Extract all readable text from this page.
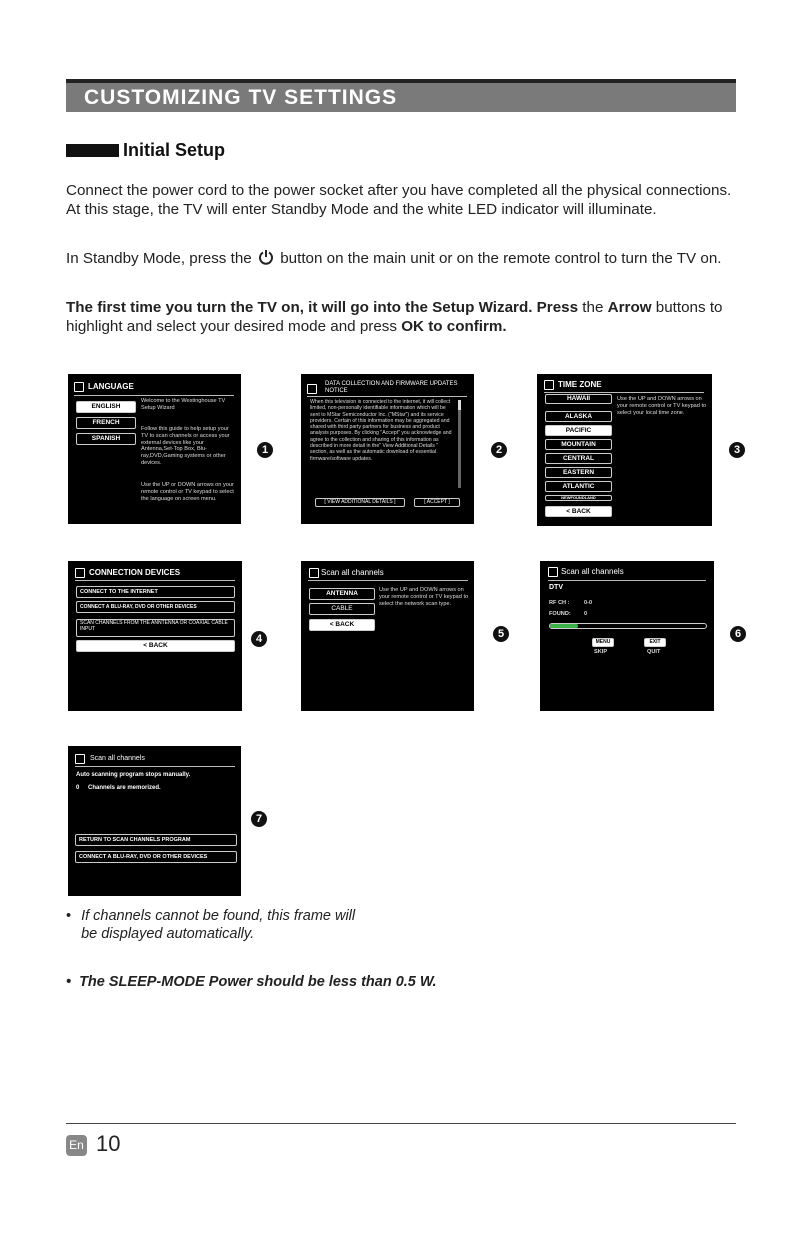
CUSTOMIZING TV SETTINGS
Initial Setup
Connect the power cord to the power socket after you have completed all the physical connections. At this stage, the TV will enter Standby Mode and the white LED indicator will illuminate.
In Standby Mode, press the button on the main unit or on the remote control to turn the TV on.
The first time you turn the TV on, it will go into the Setup Wizard. Press the Arrow buttons to highlight and select your desired mode and press OK to confirm.
LANGUAGE
ENGLISH
FRENCH
SPANISH
Welcome to the Westinghouse TV Setup Wizard
Follow this guide to help setup your TV to scan channels or access your external devices like your Antenna,Set-Top Box, Blu-ray,DVD,Gaming systems or other devices.
Use the UP or DOWN arrows on your remote control or TV keypad to select the language on screen menu.
1
DATA COLLECTION AND FIRMWARE UPDATES NOTICE
When this television is connected to the internet, it will collect limited, non-personally identifiable information which will be sent to MStar Semiconductor Inc. ("MStar") and its service providers. Certain of this information may be aggregated and shared with third party partners for business and product analysis purposes. By clicking "Accept" you acknowledge and agree to the collection and sharing of this information as described in more detail in the" View Additional Details " section, as well as the automatic download of essential firmware/software updates.
[ VIEW ADDITIONAL DETAILS ]	[ ACCEPT ]
2
TIME ZONE
HAWAII
ALASKA
PACIFIC
MOUNTAIN
CENTRAL
EASTERN
ATLANTIC
NEWFOUNDLAND
< BACK
Use the UP and DOWN arrows on your remote control or TV keypad to select your local time zone.
3
CONNECTION DEVICES
CONNECT TO THE INTERNET
CONNECT A BLU-RAY, DVD OR OTHER DEVICES
SCAN CHANNELS FROM THE ANNTENNA OR COAXIAL CABLE INPUT
< BACK
4
Scan all channels
ANTENNA
CABLE
< BACK
Use the UP and DOWN arrows on your remote control or TV keypad to select the network scan type.
5
Scan all channels
DTV
RF CH :	0-0
FOUND: 0
MENU	EXIT
SKIP	QUIT
6
Scan all channels
Auto scanning program stops manually.
0 Channels are memorized.
RETURN TO SCAN CHANNELS PROGRAM
CONNECT A BLU-RAY, DVD OR OTHER DEVICES
7
• If channels cannot be found, this frame will be displayed automatically.
• The SLEEP-MODE Power should be less than 0.5 W.
En 10
